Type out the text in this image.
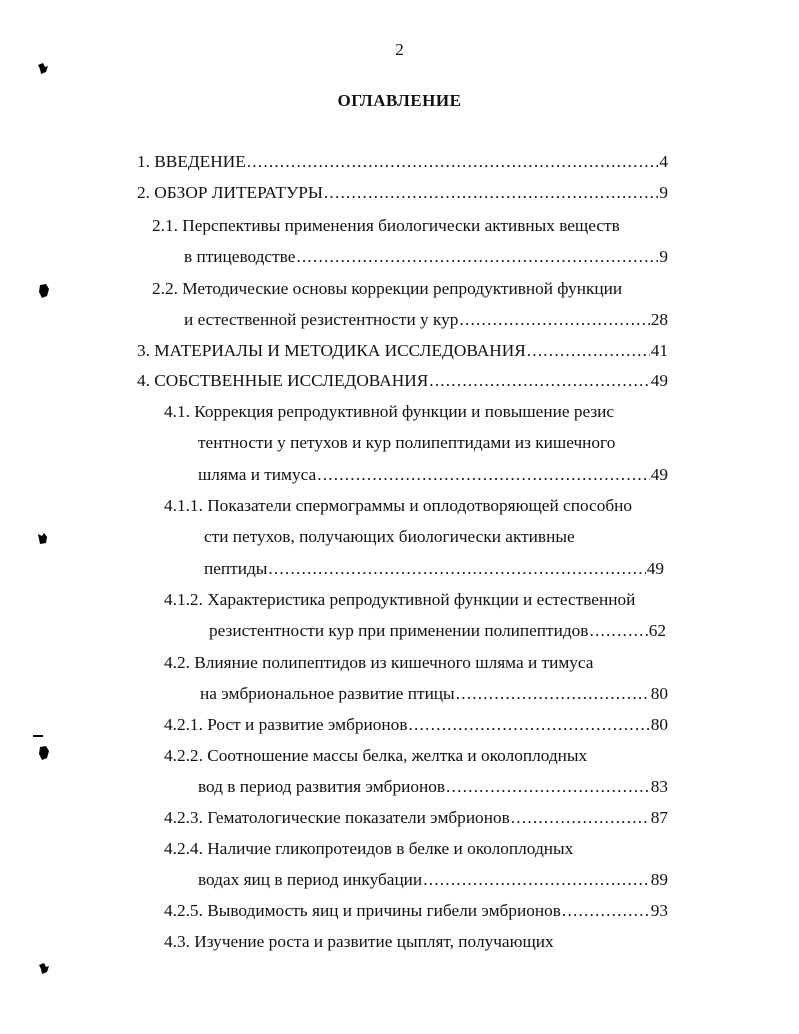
2
ОГЛАВЛЕНИЕ
1. ВВЕДЕНИЕ .....	4
2. ОБЗОР ЛИТЕРАТУРЫ .....	9
2.1. Перспективы применения биологически активных веществ
в птицеводстве .....	9
2.2. Методические основы коррекции репродуктивной функции
и естественной резистентности у кур .....	28
3. МАТЕРИАЛЫ И МЕТОДИКА ИССЛЕДОВАНИЯ .....	41
4. СОБСТВЕННЫЕ ИССЛЕДОВАНИЯ .....	49
4.1. Коррекция репродуктивной функции и повышение резис
тентности у петухов и кур полипептидами из кишечного
шляма и тимуса .....	49
4.1.1. Показатели спермограммы и оплодотворяющей способно
сти петухов, получающих биологически активные
пептиды .....	49
4.1.2. Характеристика репродуктивной функции и естественной
резистентности кур при применении полипептидов .....	62
4.2. Влияние полипептидов из кишечного шляма и тимуса
на эмбриональное развитие птицы .....	80
4.2.1. Рост и развитие эмбрионов .....	80
4.2.2. Соотношение массы белка, желтка и околоплодных
вод в период развития эмбрионов .....	83
4.2.3. Гематологические показатели эмбрионов .....	87
4.2.4. Наличие гликопротеидов в белке и околоплодных
водах яиц в период инкубации .....	89
4.2.5. Выводимость яиц и причины гибели эмбрионов .....	93
4.3. Изучение роста и развитие цыплят, получающих
